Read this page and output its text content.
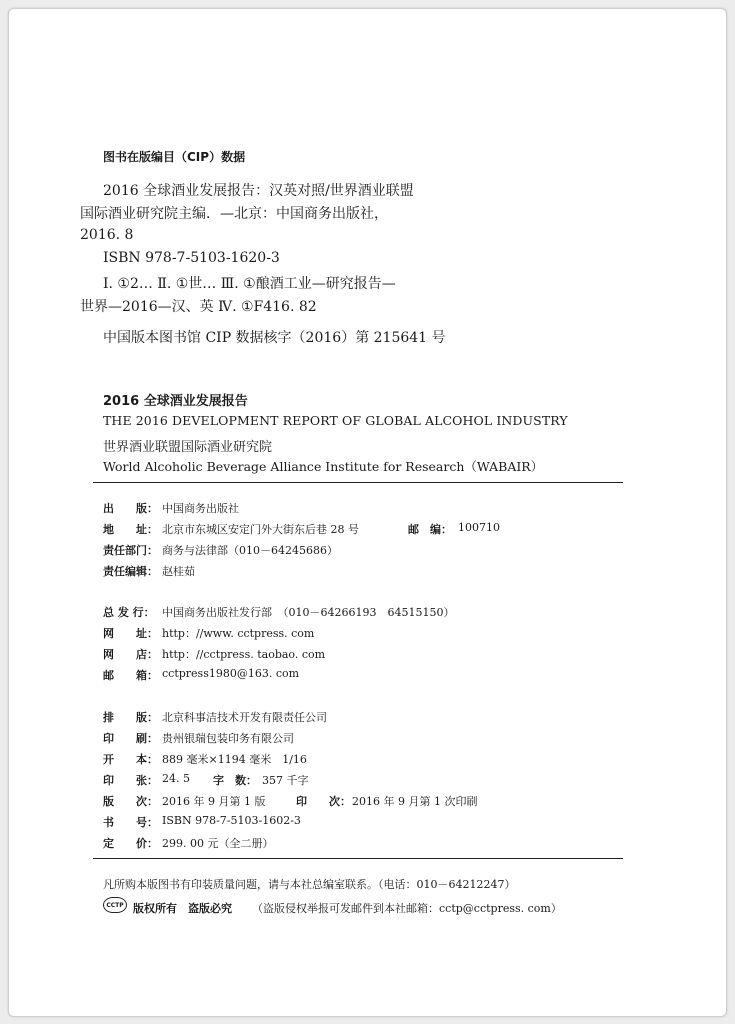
图书在版编目（CIP）数据
2016 全球酒业发展报告：汉英对照/世界酒业联盟
国际酒业研究院主编．—北京：中国商务出版社，
2016. 8
ISBN 978-7-5103-1620-3
Ⅰ. ①2… Ⅱ. ①世… Ⅲ. ①酿酒工业—研究报告—
世界—2016—汉、英 Ⅳ. ①F416. 82
中国版本图书馆 CIP 数据核字（2016）第 215641 号
2016 全球酒业发展报告
THE 2016 DEVELOPMENT REPORT OF GLOBAL ALCOHOL INDUSTRY
世界酒业联盟国际酒业研究院
World Alcoholic Beverage Alliance Institute for Research（WABAIR）
出　　版： 中国商务出版社
地　　址： 北京市东城区安定门外大街东后巷 28 号	邮　编： 100710
责任部门： 商务与法律部（010－64245686）
责任编辑： 赵桂茹
总 发 行： 中国商务出版社发行部　（010－64266193　64515150）
网　　址： http：//www. cctpress. com
网　　店： http：//cctpress. taobao. com
邮　　箱： cctpress1980@163. com
排　　版： 北京科事洁技术开发有限责任公司
印　　刷： 贵州银瑞包装印务有限公司
开　　本： 889 毫米×1194 毫米　1/16
印　　张： 24. 5 字　数： 357 千字
版　　次： 2016 年 9 月第 1 版	印　　次： 2016 年 9 月第 1 次印刷
书　　号： ISBN 978-7-5103-1602-3
定　　价： 299. 00 元（全二册）
凡所购本版图书有印装质量问题，请与本社总编室联系。（电话：010－64212247）
CCTP 版权所有　盗版必究 （盗版侵权举报可发邮件到本社邮箱：cctp@cctpress. com）
